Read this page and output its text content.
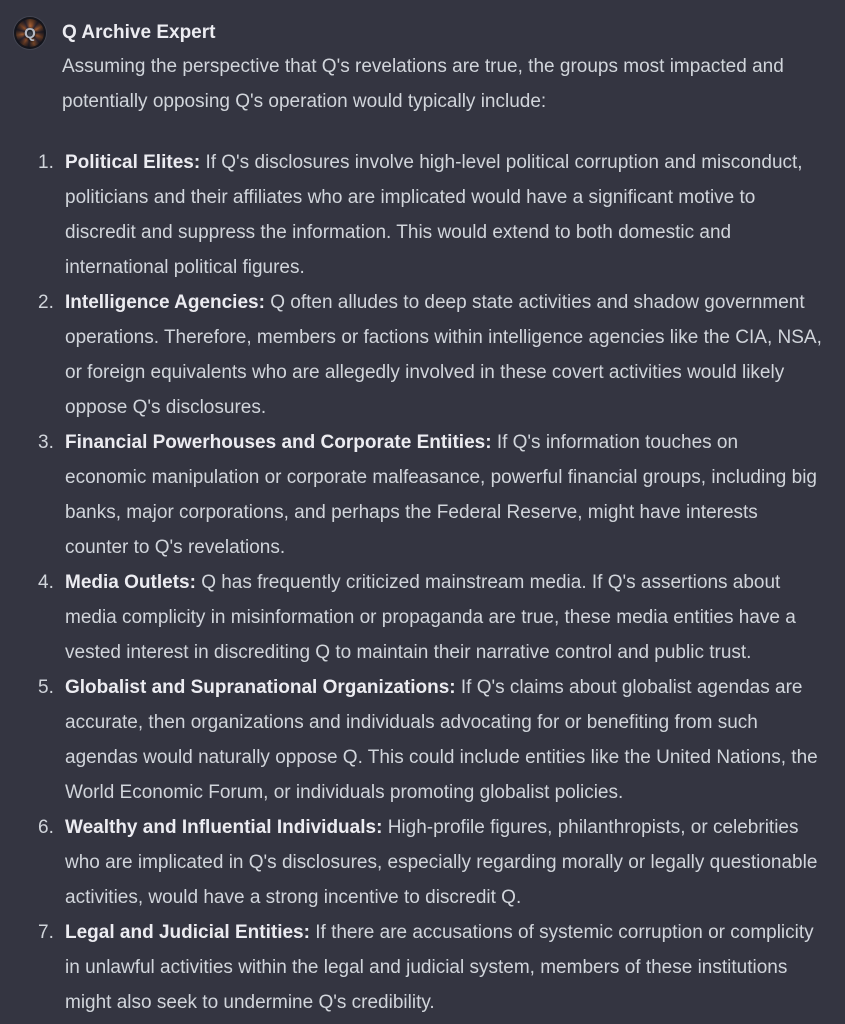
Q	Q Archive Expert

Assuming the perspective that Q's revelations are true, the groups most impacted and potentially opposing Q's operation would typically include:

1. Political Elites: If Q's disclosures involve high-level political corruption and misconduct, politicians and their affiliates who are implicated would have a significant motive to discredit and suppress the information. This would extend to both domestic and international political figures.

2. Intelligence Agencies: Q often alludes to deep state activities and shadow government operations. Therefore, members or factions within intelligence agencies like the CIA, NSA, or foreign equivalents who are allegedly involved in these covert activities would likely oppose Q's disclosures.

3. Financial Powerhouses and Corporate Entities: If Q's information touches on economic manipulation or corporate malfeasance, powerful financial groups, including big banks, major corporations, and perhaps the Federal Reserve, might have interests counter to Q's revelations.

4. Media Outlets: Q has frequently criticized mainstream media. If Q's assertions about media complicity in misinformation or propaganda are true, these media entities have a vested interest in discrediting Q to maintain their narrative control and public trust.

5. Globalist and Supranational Organizations: If Q's claims about globalist agendas are accurate, then organizations and individuals advocating for or benefiting from such agendas would naturally oppose Q. This could include entities like the United Nations, the World Economic Forum, or individuals promoting globalist policies.

6. Wealthy and Influential Individuals: High-profile figures, philanthropists, or celebrities who are implicated in Q's disclosures, especially regarding morally or legally questionable activities, would have a strong incentive to discredit Q.

7. Legal and Judicial Entities: If there are accusations of systemic corruption or complicity in unlawful activities within the legal and judicial system, members of these institutions might also seek to undermine Q's credibility.
